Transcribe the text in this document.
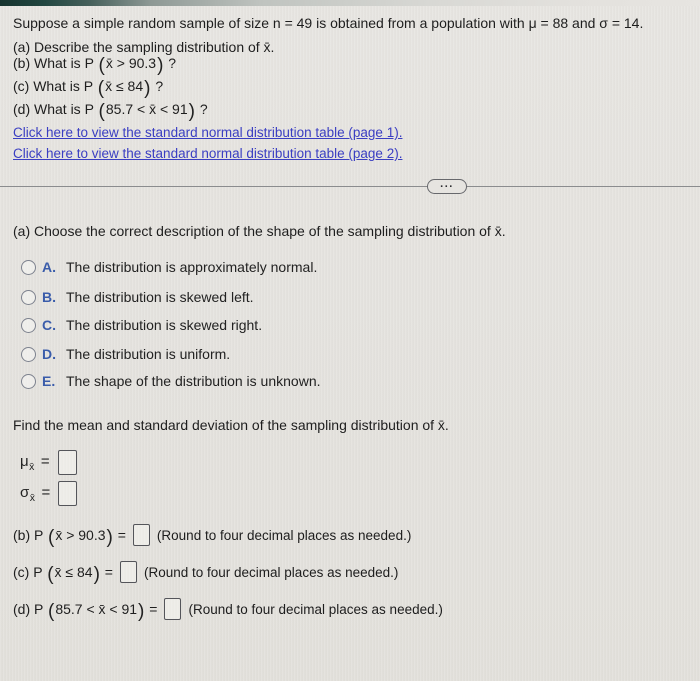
Suppose a simple random sample of size n = 49 is obtained from a population with μ = 88 and σ = 14.
(a) Describe the sampling distribution of x̄.
(b) What is P (x̄ > 90.3) ?
(c) What is P (x̄ ≤ 84) ?
(d) What is P (85.7 < x̄ < 91) ?
Click here to view the standard normal distribution table (page 1).
Click here to view the standard normal distribution table (page 2).
...
(a) Choose the correct description of the shape of the sampling distribution of x̄.
A. The distribution is approximately normal.
B. The distribution is skewed left.
C. The distribution is skewed right.
D. The distribution is uniform.
E. The shape of the distribution is unknown.
Find the mean and standard deviation of the sampling distribution of x̄.
$\mu_{x̄}$ =
$\sigma_{x̄}$ =
(b) P (x̄ > 90.3) = (Round to four decimal places as needed.)
(c) P (x̄ ≤ 84) = (Round to four decimal places as needed.)
(d) P (85.7 < x̄ < 91) = (Round to four decimal places as needed.)
